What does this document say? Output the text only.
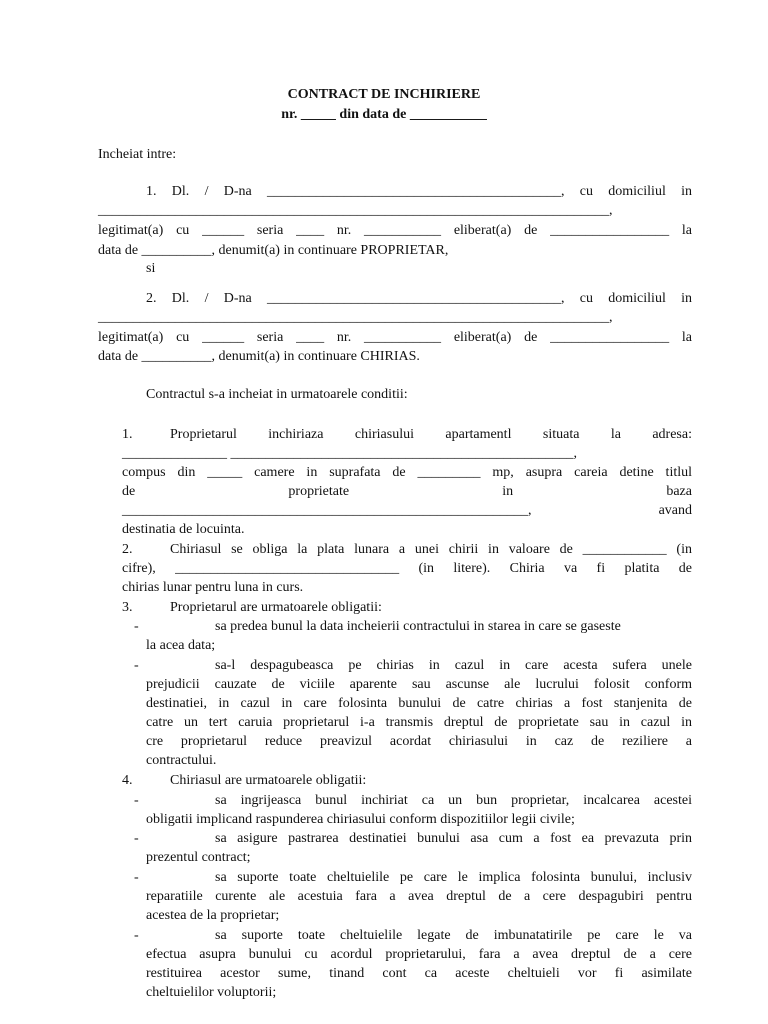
CONTRACT DE INCHIRIERE
nr. _____ din data de ___________
Incheiat intre:
1. Dl. / D-na __________________________________________, cu domiciliul in
_________________________________________________________________________,
legitimat(a) cu ______ seria ____ nr. ___________ eliberat(a) de _________________ la
data de __________, denumit(a) in continuare PROPRIETAR,
si
2. Dl. / D-na __________________________________________, cu domiciliul in
_________________________________________________________________________,
legitimat(a) cu ______ seria ____ nr. ___________ eliberat(a) de _________________ la
data de __________, denumit(a) in continuare CHIRIAS.
Contractul s-a incheiat in urmatoarele conditii:
1.	Proprietarul inchiriaza chiriasului apartamentl situata la adresa:
_______________ _________________________________________________,
compus din _____ camere in suprafata de _________ mp, asupra careia detine titlul
de proprietate in baza
__________________________________________________________, avand
destinatia de locuinta.
2.	Chiriasul se obliga la plata lunara a unei chirii in valoare de ____________ (in
cifre), ________________________________ (in litere). Chiria va fi platita de
chirias lunar pentru luna in curs.
3.	Proprietarul are urmatoarele obligatii:
-	sa predea bunul la data incheierii contractului in starea in care se gaseste
la acea data;
-	sa-l despagubeasca pe chirias in cazul in care acesta sufera unele
prejudicii cauzate de viciile aparente sau ascunse ale lucrului folosit conform
destinatiei, in cazul in care folosinta bunului de catre chirias a fost stanjenita de
catre un tert caruia proprietarul i-a transmis dreptul de proprietate sau in cazul in
cre proprietarul reduce preavizul acordat chiriasului in caz de reziliere a
contractului.
4.	Chiriasul are urmatoarele obligatii:
-	sa ingrijeasca bunul inchiriat ca un bun proprietar, incalcarea acestei
obligatii implicand raspunderea chiriasului conform dispozitiilor legii civile;
-	sa asigure pastrarea destinatiei bunului asa cum a fost ea prevazuta prin
prezentul contract;
-	sa suporte toate cheltuielile pe care le implica folosinta bunului, inclusiv
reparatiile curente ale acestuia fara a avea dreptul de a cere despagubiri pentru
acestea de la proprietar;
-	sa suporte toate cheltuielile legate de imbunatatirile pe care le va
efectua asupra bunului cu acordul proprietarului, fara a avea dreptul de a cere
restituirea acestor sume, tinand cont ca aceste cheltuieli vor fi asimilate
cheltuielilor voluptorii;
